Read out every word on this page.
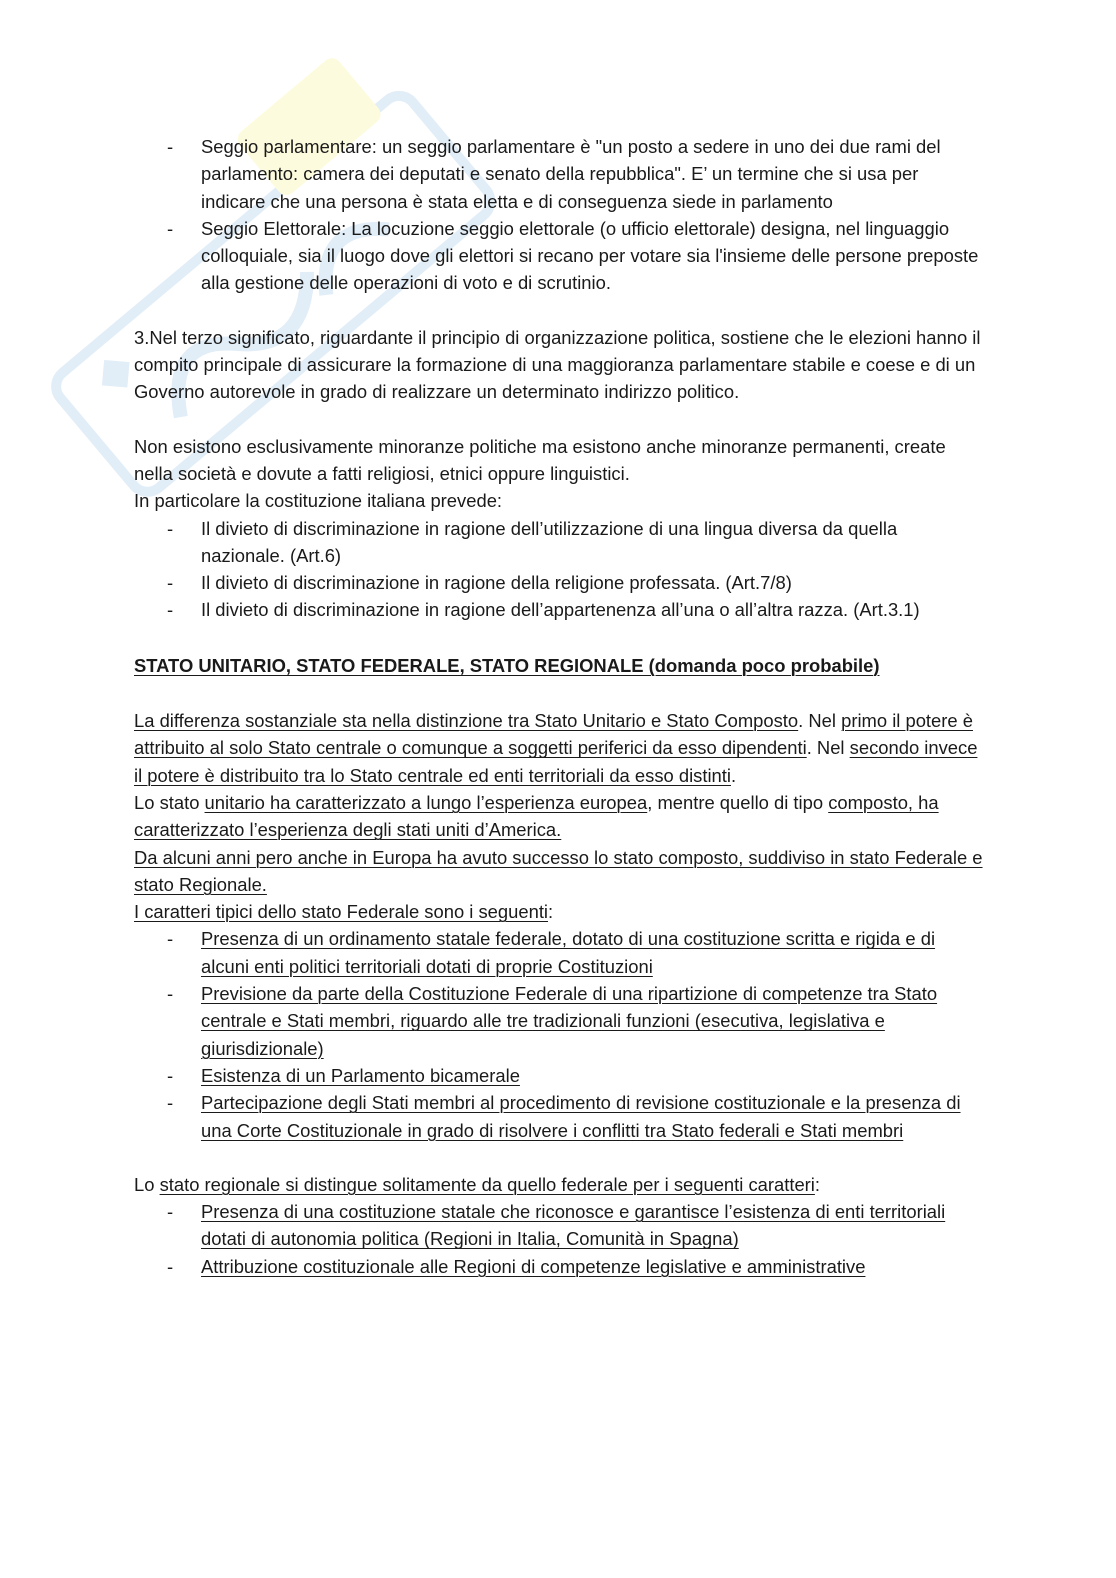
- Seggio parlamentare: un seggio parlamentare è "un posto a sedere in uno dei due rami del parlamento: camera dei deputati e senato della repubblica". E’ un termine che si usa per indicare che una persona è stata eletta e di conseguenza siede in parlamento
- Seggio Elettorale: La locuzione seggio elettorale (o ufficio elettorale) designa, nel linguaggio colloquiale, sia il luogo dove gli elettori si recano per votare sia l'insieme delle persone preposte alla gestione delle operazioni di voto e di scrutinio.

3.Nel terzo significato, riguardante il principio di organizzazione politica, sostiene che le elezioni hanno il compito principale di assicurare la formazione di una maggioranza parlamentare stabile e coese e di un Governo autorevole in grado di realizzare un determinato indirizzo politico.

Non esistono esclusivamente minoranze politiche ma esistono anche minoranze permanenti, create nella società e dovute a fatti religiosi, etnici oppure linguistici.

In particolare la costituzione italiana prevede:

- Il divieto di discriminazione in ragione dell’utilizzazione di una lingua diversa da quella nazionale. (Art.6)
- Il divieto di discriminazione in ragione della religione professata. (Art.7/8)
- Il divieto di discriminazione in ragione dell’appartenenza all’una o all’altra razza. (Art.3.1)

STATO UNITARIO, STATO FEDERALE, STATO REGIONALE (domanda poco probabile)

La differenza sostanziale sta nella distinzione tra Stato Unitario e Stato Composto. Nel primo il potere è attribuito al solo Stato centrale o comunque a soggetti periferici da esso dipendenti. Nel secondo invece il potere è distribuito tra lo Stato centrale ed enti territoriali da esso distinti.

Lo stato unitario ha caratterizzato a lungo l’esperienza europea, mentre quello di tipo composto, ha caratterizzato l’esperienza degli stati uniti d’America.

Da alcuni anni pero anche in Europa ha avuto successo lo stato composto, suddiviso in stato Federale e stato Regionale.

I caratteri tipici dello stato Federale sono i seguenti:

- Presenza di un ordinamento statale federale, dotato di una costituzione scritta e rigida e di alcuni enti politici territoriali dotati di proprie Costituzioni
- Previsione da parte della Costituzione Federale di una ripartizione di competenze tra Stato centrale e Stati membri, riguardo alle tre tradizionali funzioni (esecutiva, legislativa e giurisdizionale)
- Esistenza di un Parlamento bicamerale
- Partecipazione degli Stati membri al procedimento di revisione costituzionale e la presenza di una Corte Costituzionale in grado di risolvere i conflitti tra Stato federali e Stati membri

Lo stato regionale si distingue solitamente da quello federale per i seguenti caratteri:

- Presenza di una costituzione statale che riconosce e garantisce l’esistenza di enti territoriali dotati di autonomia politica (Regioni in Italia, Comunità in Spagna)
- Attribuzione costituzionale alle Regioni di competenze legislative e amministrative
